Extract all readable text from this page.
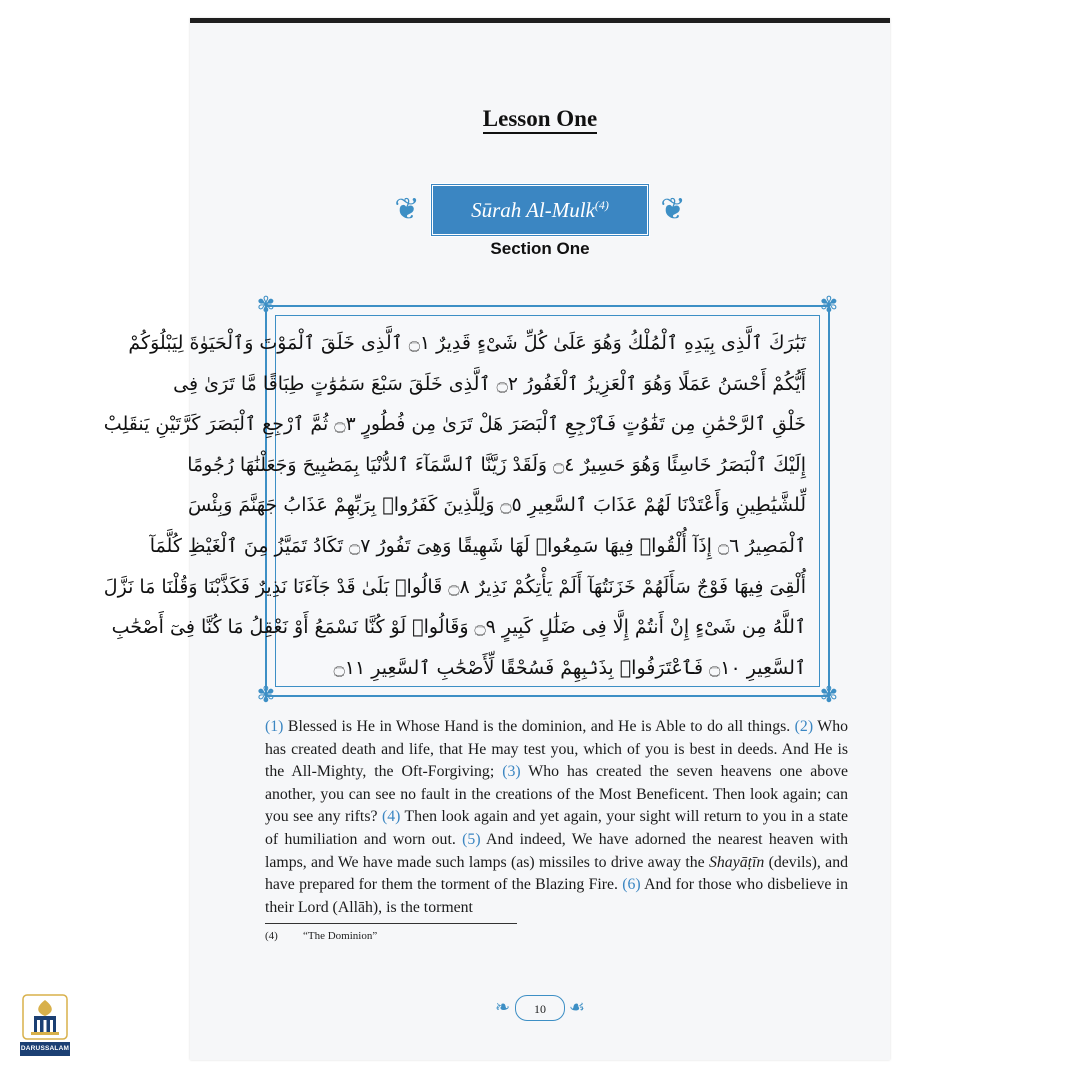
Lesson One
❦	Sūrah Al-Mulk$^{(4)}$ ❦
Section One
✾	✾
✾	✾
تَبَٰرَكَ ٱلَّذِى بِيَدِهِ ٱلْمُلْكُ وَهُوَ عَلَىٰ كُلِّ شَىْءٍ قَدِيرٌ ۝١ ٱلَّذِى خَلَقَ ٱلْمَوْتَ وَٱلْحَيَوٰةَ لِيَبْلُوَكُمْ
أَيُّكُمْ أَحْسَنُ عَمَلًا وَهُوَ ٱلْعَزِيزُ ٱلْغَفُورُ ۝٢ ٱلَّذِى خَلَقَ سَبْعَ سَمَٰوَٰتٍ طِبَاقًا مَّا تَرَىٰ فِى
خَلْقِ ٱلرَّحْمَٰنِ مِن تَفَٰوُتٍ فَٱرْجِعِ ٱلْبَصَرَ هَلْ تَرَىٰ مِن فُطُورٍ ۝٣ ثُمَّ ٱرْجِعِ ٱلْبَصَرَ كَرَّتَيْنِ يَنقَلِبْ
إِلَيْكَ ٱلْبَصَرُ خَاسِئًا وَهُوَ حَسِيرٌ ۝٤ وَلَقَدْ زَيَّنَّا ٱلسَّمَآءَ ٱلدُّنْيَا بِمَصَٰبِيحَ وَجَعَلْنَٰهَا رُجُومًا
لِّلشَّيَٰطِينِ وَأَعْتَدْنَا لَهُمْ عَذَابَ ٱلسَّعِيرِ ۝٥ وَلِلَّذِينَ كَفَرُوا۟ بِرَبِّهِمْ عَذَابُ جَهَنَّمَ وَبِئْسَ
ٱلْمَصِيرُ ۝٦ إِذَآ أُلْقُوا۟ فِيهَا سَمِعُوا۟ لَهَا شَهِيقًا وَهِىَ تَفُورُ ۝٧ تَكَادُ تَمَيَّزُ مِنَ ٱلْغَيْظِ كُلَّمَآ
أُلْقِىَ فِيهَا فَوْجٌ سَأَلَهُمْ خَزَنَتُهَآ أَلَمْ يَأْتِكُمْ نَذِيرٌ ۝٨ قَالُوا۟ بَلَىٰ قَدْ جَآءَنَا نَذِيرٌ فَكَذَّبْنَا وَقُلْنَا مَا نَزَّلَ
ٱللَّهُ مِن شَىْءٍ إِنْ أَنتُمْ إِلَّا فِى ضَلَٰلٍ كَبِيرٍ ۝٩ وَقَالُوا۟ لَوْ كُنَّا نَسْمَعُ أَوْ نَعْقِلُ مَا كُنَّا فِىٓ أَصْحَٰبِ
ٱلسَّعِيرِ ۝١٠ فَٱعْتَرَفُوا۟ بِذَنۢبِهِمْ فَسُحْقًا لِّأَصْحَٰبِ ٱلسَّعِيرِ ۝١١
(1) Blessed is He in Whose Hand is the dominion, and He is Able to do all things. (2) Who has created death and life, that He may test you, which of you is best in deeds. And He is the All-Mighty, the Oft-Forgiving; (3) Who has created the seven heavens one above another, you can see no fault in the creations of the Most Beneficent. Then look again; can you see any rifts? (4) Then look again and yet again, your sight will return to you in a state of humiliation and worn out. (5) And indeed, We have adorned the nearest heaven with lamps, and We have made such lamps (as) missiles to drive away the Shayāṭīn (devils), and have prepared for them the torment of the Blazing Fire. (6) And for those who disbelieve in their Lord (Allāh), is the torment
(4) “The Dominion”
❧	10	☙
DARUSSALAM
